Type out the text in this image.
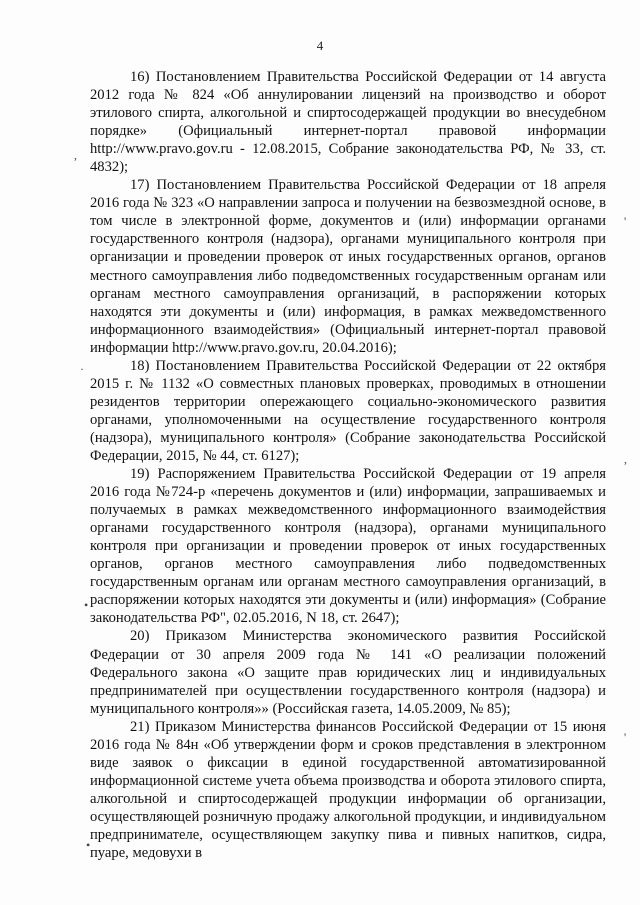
4

16) Постановлением Правительства Российской Федерации от 14 августа 2012 года № 824 «Об аннулировании лицензий на производство и оборот этилового спирта, алкогольной и спиртосодержащей продукции во внесудебном порядке» (Официальный интернет-портал правовой информации http://www.pravo.gov.ru - 12.08.2015, Собрание законодательства РФ, № 33, ст. 4832);

17) Постановлением Правительства Российской Федерации от 18 апреля 2016 года № 323 «О направлении запроса и получении на безвозмездной основе, в том числе в электронной форме, документов и (или) информации органами государственного контроля (надзора), органами муниципального контроля при организации и проведении проверок от иных государственных органов, органов местного самоуправления либо подведомственных государственным органам или органам местного самоуправления организаций, в распоряжении которых находятся эти документы и (или) информация, в рамках межведомственного информационного взаимодействия» (Официальный интернет-портал правовой информации http://www.pravo.gov.ru, 20.04.2016);

18) Постановлением Правительства Российской Федерации от 22 октября 2015 г. № 1132 «О совместных плановых проверках, проводимых в отношении резидентов территории опережающего социально-экономического развития органами, уполномоченными на осуществление государственного контроля (надзора), муниципального контроля» (Собрание законодательства Российской Федерации, 2015, № 44, ст. 6127);

19) Распоряжением Правительства Российской Федерации от 19 апреля 2016 года №724-р «перечень документов и (или) информации, запрашиваемых и получаемых в рамках межведомственного информационного взаимодействия органами государственного контроля (надзора), органами муниципального контроля при организации и проведении проверок от иных государственных органов, органов местного самоуправления либо подведомственных государственным органам или органам местного самоуправления организаций, в распоряжении которых находятся эти документы и (или) информация» (Собрание законодательства РФ", 02.05.2016, N 18, ст. 2647);

20) Приказом Министерства экономического развития Российской Федерации от 30 апреля 2009 года № 141 «О реализации положений Федерального закона «О защите прав юридических лиц и индивидуальных предпринимателей при осуществлении государственного контроля (надзора) и муниципального контроля»» (Российская газета, 14.05.2009, № 85);

21) Приказом Министерства финансов Российской Федерации от 15 июня 2016 года № 84н «Об утверждении форм и сроков представления в электронном виде заявок о фиксации в единой государственной автоматизированной информационной системе учета объема производства и оборота этилового спирта, алкогольной и спиртосодержащей продукции информации об организации, осуществляющей розничную продажу алкогольной продукции, и индивидуальном предпринимателе, осуществляющем закупку пива и пивных напитков, сидра, пуаре, медовухи в

,
'
·
,
•
'
•
